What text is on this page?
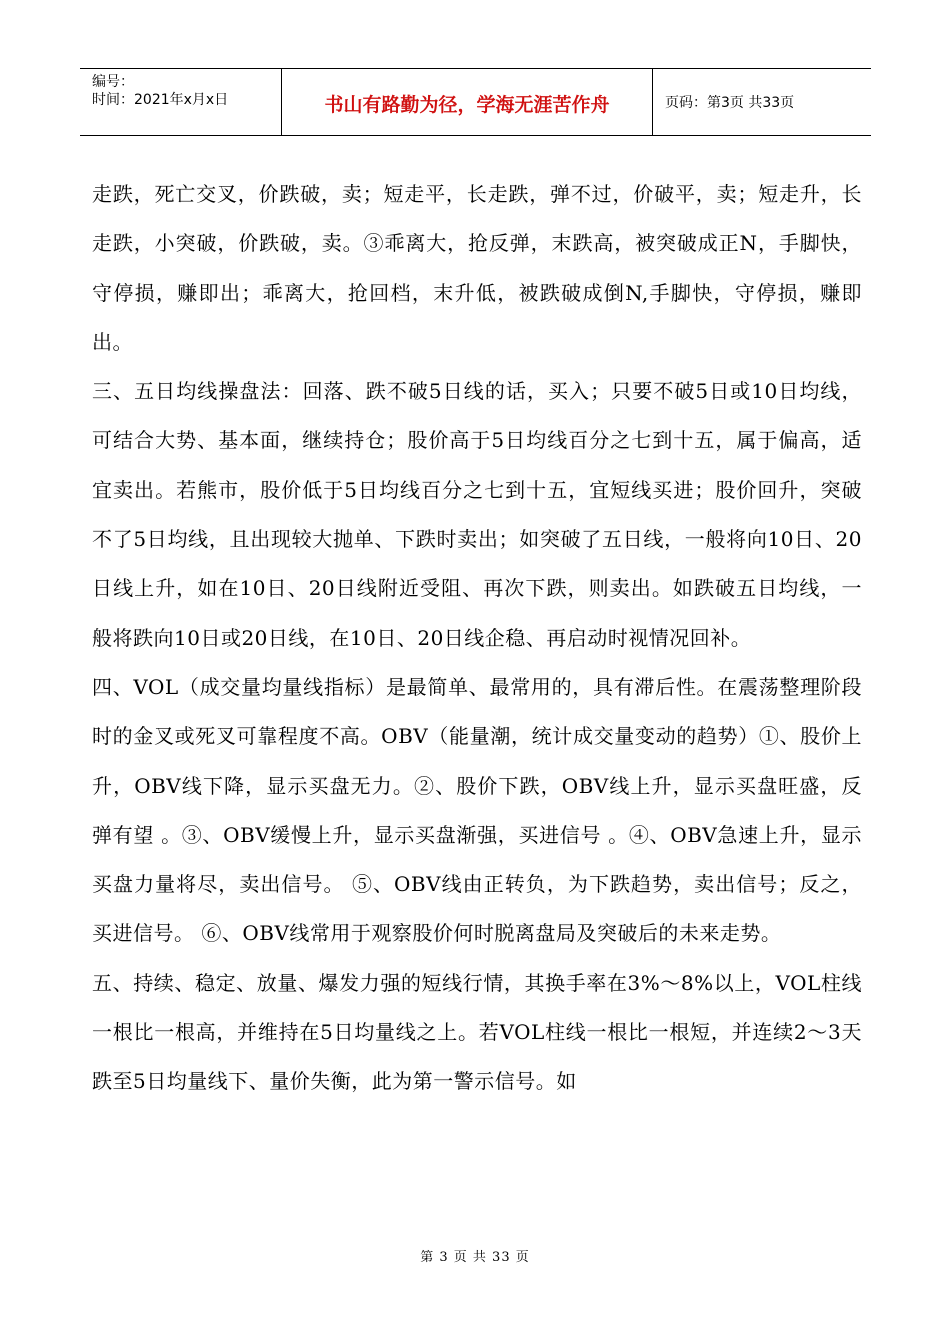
编号：
时间：2021年x月x日	书山有路勤为径，学海无涯苦作舟	页码：第3页 共33页

走跌，死亡交叉，价跌破，卖；短走平，长走跌，弹不过，价破平，卖；短走升，长走跌，小突破，价跌破，卖。③乖离大，抢反弹，末跌高，被突破成正N，手脚快，守停损，赚即出；乖离大，抢回档，末升低，被跌破成倒N,手脚快，守停损，赚即出。

三、五日均线操盘法：回落、跌不破5日线的话，买入；只要不破5日或10日均线，可结合大势、基本面，继续持仓；股价高于5日均线百分之七到十五，属于偏高，适宜卖出。若熊市，股价低于5日均线百分之七到十五，宜短线买进；股价回升，突破不了5日均线，且出现较大抛单、下跌时卖出；如突破了五日线，一般将向10日、20日线上升，如在10日、20日线附近受阻、再次下跌，则卖出。如跌破五日均线，一般将跌向10日或20日线，在10日、20日线企稳、再启动时视情况回补。

四、VOL（成交量均量线指标）是最简单、最常用的，具有滞后性。在震荡整理阶段时的金叉或死叉可靠程度不高。OBV（能量潮，统计成交量变动的趋势）①、股价上升，OBV线下降，显示买盘无力。②、股价下跌，OBV线上升，显示买盘旺盛，反弹有望 。③、OBV缓慢上升，显示买盘渐强，买进信号 。④、OBV急速上升，显示买盘力量将尽，卖出信号。 ⑤、OBV线由正转负，为下跌趋势，卖出信号；反之，买进信号。 ⑥、OBV线常用于观察股价何时脱离盘局及突破后的未来走势。

五、持续、稳定、放量、爆发力强的短线行情，其换手率在3%～8%以上，VOL柱线一根比一根高，并维持在5日均量线之上。若VOL柱线一根比一根短，并连续2～3天跌至5日均量线下、量价失衡，此为第一警示信号。如

第 3 页 共 33 页
